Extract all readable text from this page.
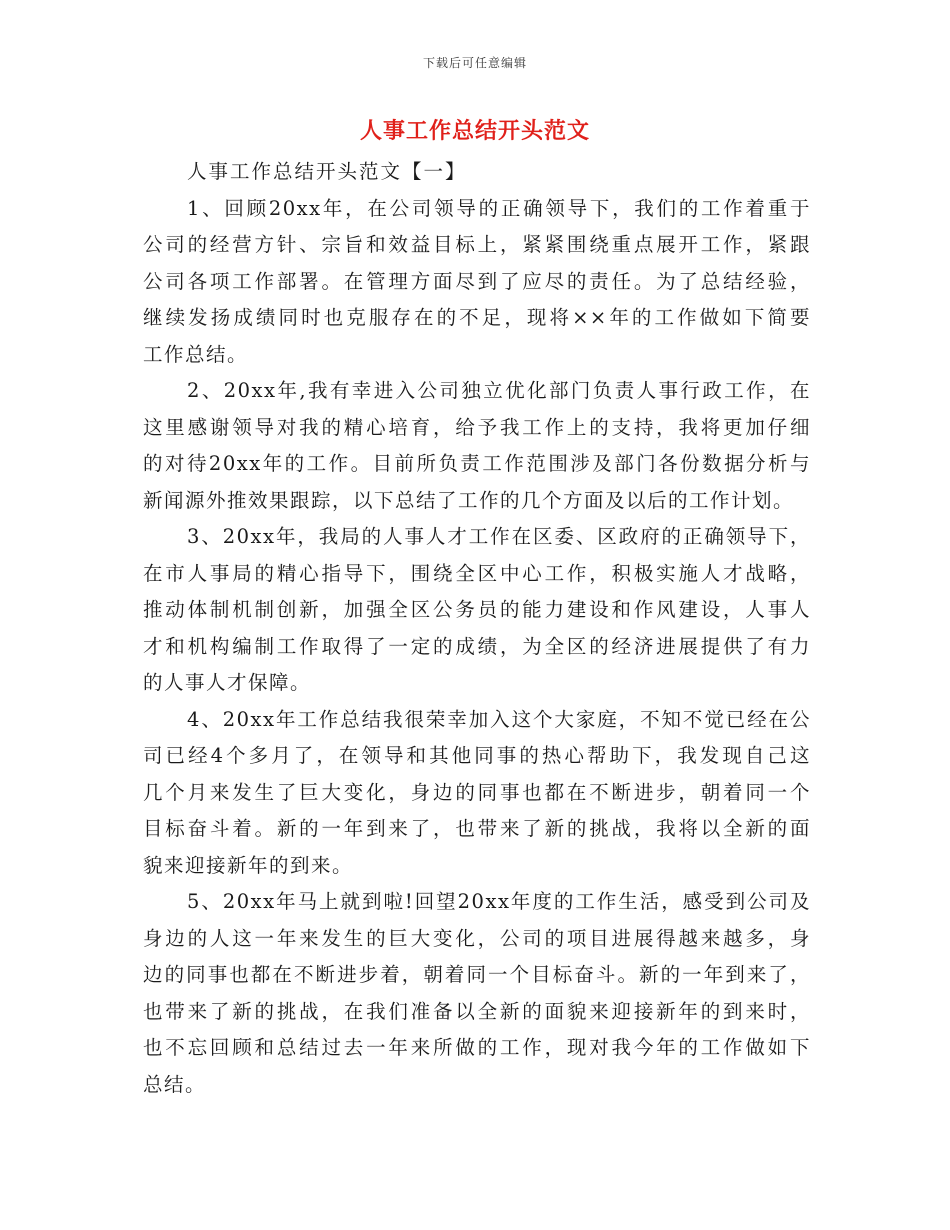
下载后可任意编辑
人事工作总结开头范文

人事工作总结开头范文【一】

1、回顾20xx年，在公司领导的正确领导下，我们的工作着重于
公司的经营方针、宗旨和效益目标上，紧紧围绕重点展开工作，紧跟
公司各项工作部署。在管理方面尽到了应尽的责任。为了总结经验，
继续发扬成绩同时也克服存在的不足，现将××年的工作做如下简要
工作总结。

2、20xx年,我有幸进入公司独立优化部门负责人事行政工作，在
这里感谢领导对我的精心培育，给予我工作上的支持，我将更加仔细
的对待20xx年的工作。目前所负责工作范围涉及部门各份数据分析与
新闻源外推效果跟踪，以下总结了工作的几个方面及以后的工作计划。

3、20xx年，我局的人事人才工作在区委、区政府的正确领导下，
在市人事局的精心指导下，围绕全区中心工作，积极实施人才战略，
推动体制机制创新，加强全区公务员的能力建设和作风建设，人事人
才和机构编制工作取得了一定的成绩，为全区的经济进展提供了有力
的人事人才保障。

4、20xx年工作总结我很荣幸加入这个大家庭，不知不觉已经在公
司已经4个多月了，在领导和其他同事的热心帮助下，我发现自己这
几个月来发生了巨大变化，身边的同事也都在不断进步，朝着同一个
目标奋斗着。新的一年到来了，也带来了新的挑战，我将以全新的面
貌来迎接新年的到来。

5、20xx年马上就到啦!回望20xx年度的工作生活，感受到公司及
身边的人这一年来发生的巨大变化，公司的项目进展得越来越多，身
边的同事也都在不断进步着，朝着同一个目标奋斗。新的一年到来了，
也带来了新的挑战，在我们准备以全新的面貌来迎接新年的到来时，
也不忘回顾和总结过去一年来所做的工作，现对我今年的工作做如下
总结。
